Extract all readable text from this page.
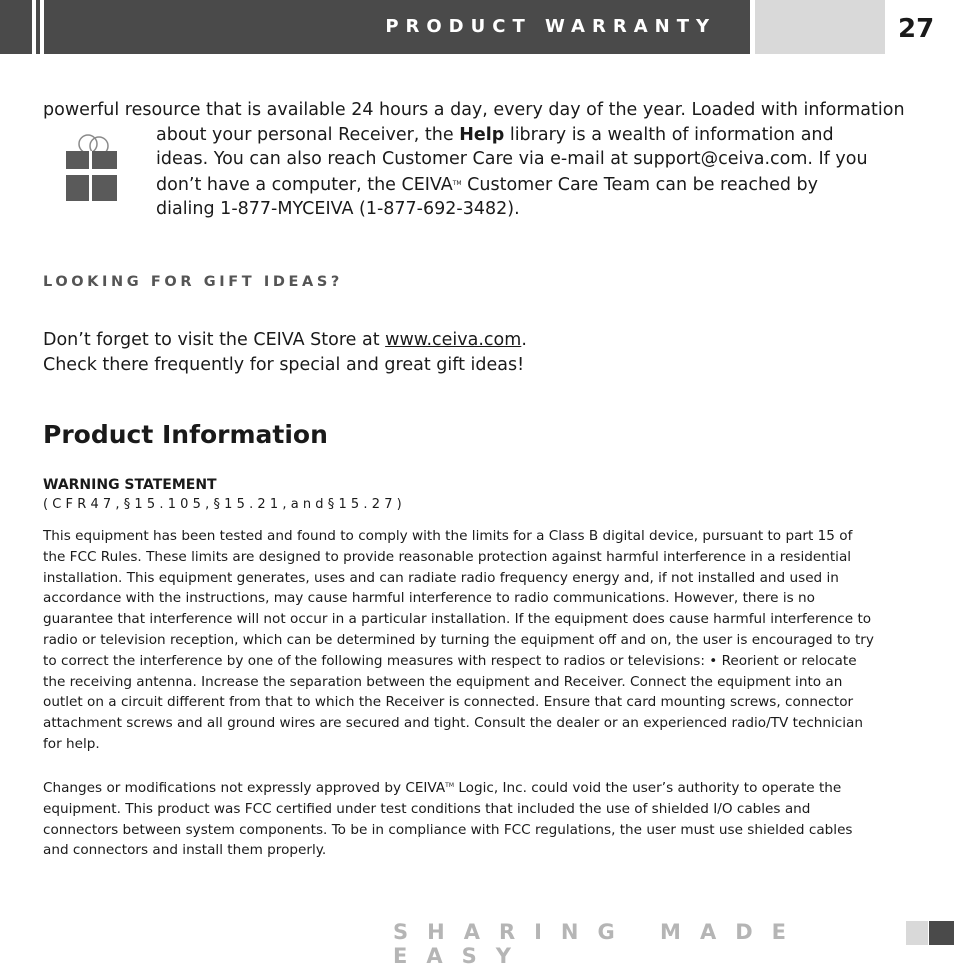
PRODUCT WARRANTY	27
powerful resource that is available 24 hours a day, every day of the year. Loaded with information
about your personal Receiver, the Help library is a wealth of information and ideas. You can also reach Customer Care via e-mail at support@ceiva.com. If you don’t have a computer, the CEIVA™ Customer Care Team can be reached by dialing 1-877-MYCEIVA (1-877-692-3482).
LOOKING FOR GIFT IDEAS?
Don’t forget to visit the CEIVA Store at www.ceiva.com.
Check there frequently for special and great gift ideas!
Product Information
WARNING STATEMENT
(CFR47,§15.105,§15.21,and§15.27)
This equipment has been tested and found to comply with the limits for a Class B digital device, pursuant to part 15 of the FCC Rules. These limits are designed to provide reasonable protection against harmful interference in a residential installation. This equipment generates, uses and can radiate radio frequency energy and, if not installed and used in accordance with the instructions, may cause harmful interference to radio communications. However, there is no guarantee that interference will not occur in a particular installation. If the equipment does cause harmful interference to radio or television reception, which can be determined by turning the equipment off and on, the user is encouraged to try to correct the interference by one of the following measures with respect to radios or televisions: • Reorient or relocate the receiving antenna. Increase the separation between the equipment and Receiver. Connect the equipment into an outlet on a circuit different from that to which the Receiver is connected. Ensure that card mounting screws, connector attachment screws and all ground wires are secured and tight. Consult the dealer or an experienced radio/TV technician for help.
Changes or modifications not expressly approved by CEIVA™ Logic, Inc. could void the user’s authority to operate the equipment. This product was FCC certified under test conditions that included the use of shielded I/O cables and connectors between system components. To be in compliance with FCC regulations, the user must use shielded cables and connectors and install them properly.
SHARING MADE EASY
